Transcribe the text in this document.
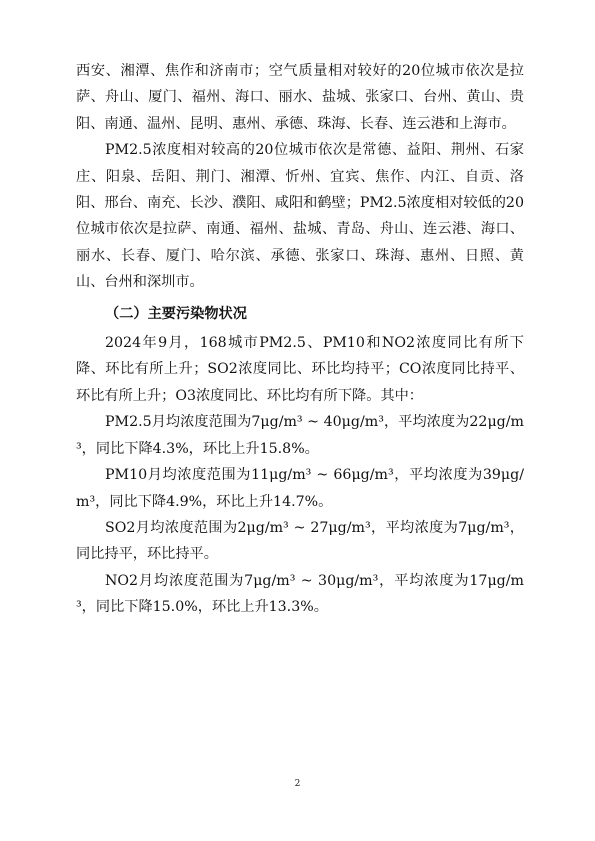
西安、湘潭、焦作和济南市；空气质量相对较好的20位城市依次是拉萨、舟山、厦门、福州、海口、丽水、盐城、张家口、台州、黄山、贵阳、南通、温州、昆明、惠州、承德、珠海、长春、连云港和上海市。

PM2.5浓度相对较高的20位城市依次是常德、益阳、荆州、石家庄、阳泉、岳阳、荆门、湘潭、忻州、宜宾、焦作、内江、自贡、洛阳、邢台、南充、长沙、濮阳、咸阳和鹤壁；PM2.5浓度相对较低的20位城市依次是拉萨、南通、福州、盐城、青岛、舟山、连云港、海口、丽水、长春、厦门、哈尔滨、承德、张家口、珠海、惠州、日照、黄山、台州和深圳市。

（二）主要污染物状况

2024年9月，168城市PM2.5、PM10和NO2浓度同比有所下降、环比有所上升；SO2浓度同比、环比均持平；CO浓度同比持平、环比有所上升；O3浓度同比、环比均有所下降。其中：

PM2.5月均浓度范围为7μg/m³ ~ 40μg/m³，平均浓度为22μg/m³，同比下降4.3%，环比上升15.8%。

PM10月均浓度范围为11μg/m³ ~ 66μg/m³，平均浓度为39μg/m³，同比下降4.9%，环比上升14.7%。

SO2月均浓度范围为2μg/m³ ~ 27μg/m³，平均浓度为7μg/m³，同比持平，环比持平。

NO2月均浓度范围为7μg/m³ ~ 30μg/m³，平均浓度为17μg/m³，同比下降15.0%，环比上升13.3%。

2
